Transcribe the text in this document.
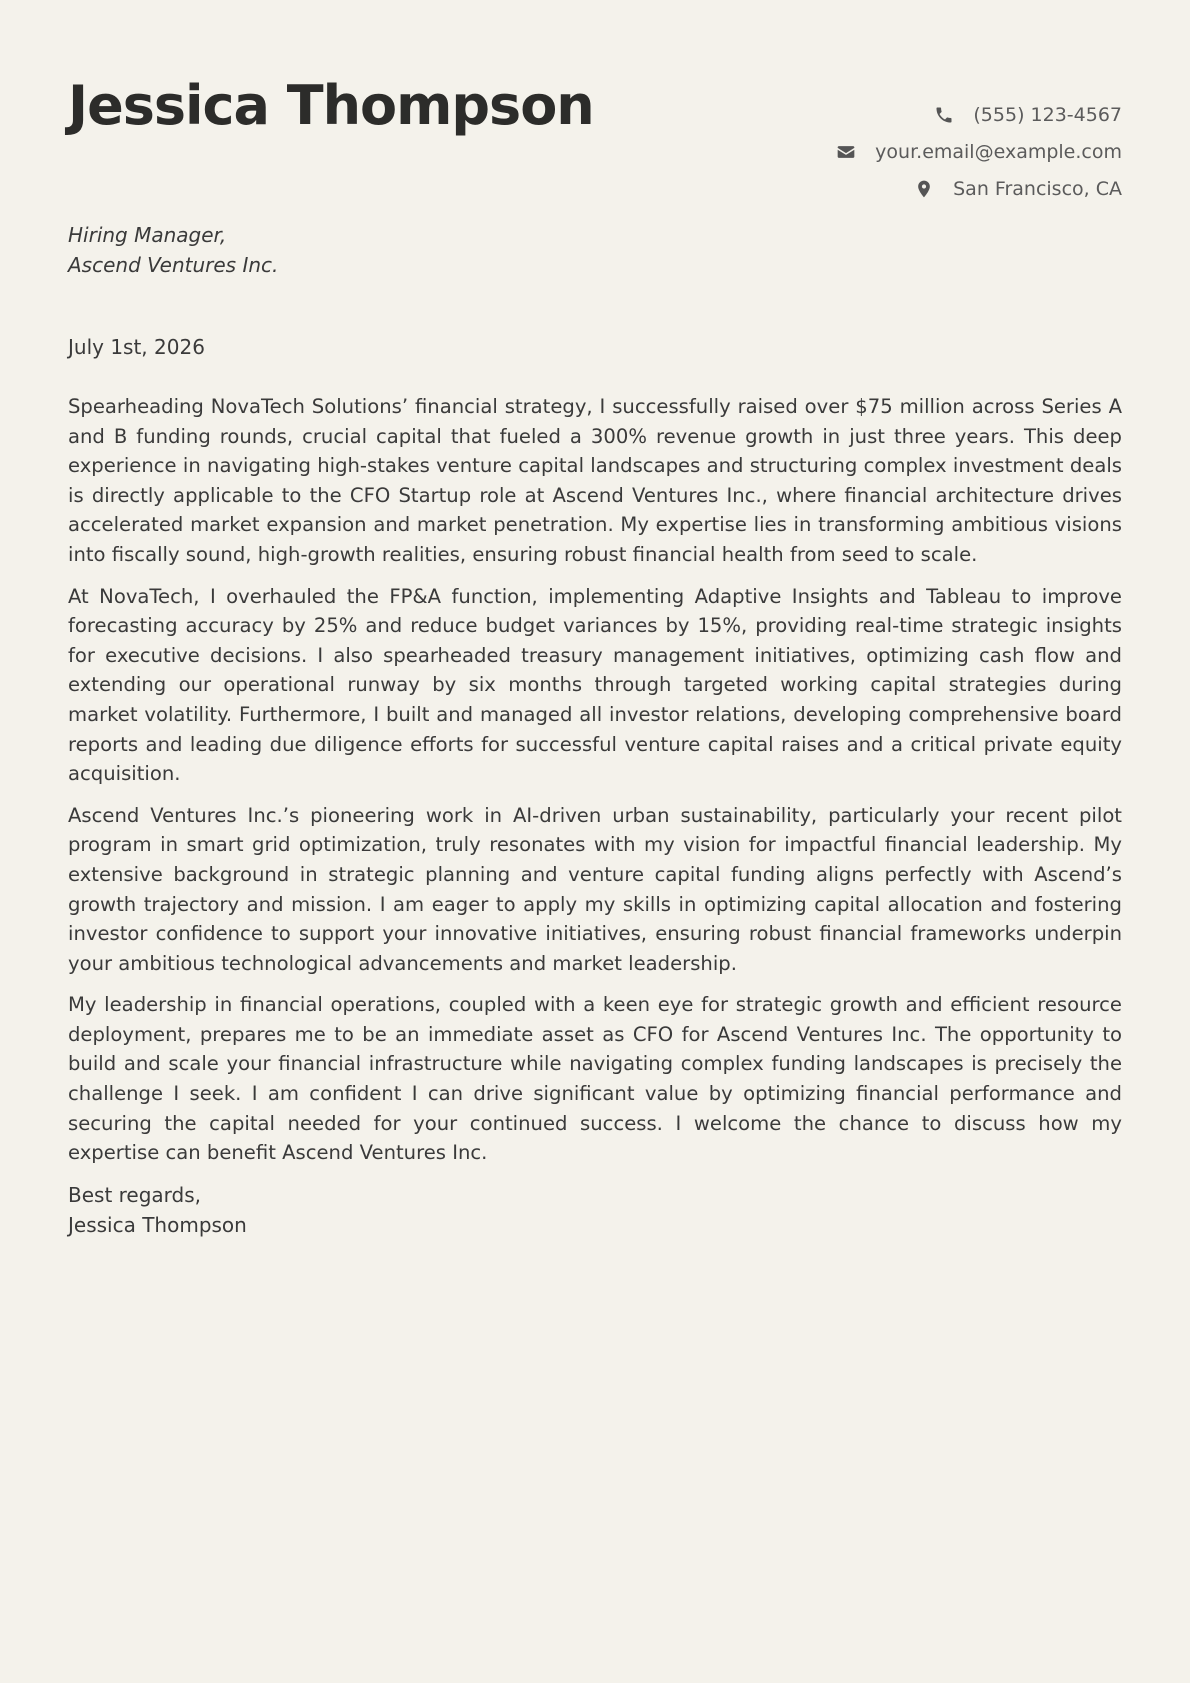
Jessica Thompson	(555) 123-4567
your.email@example.com
San Francisco, CA
Hiring Manager,
Ascend Ventures Inc.
July 1st, 2026

Spearheading NovaTech Solutions’ financial strategy, I successfully raised over $75 million across Series A and B funding rounds, crucial capital that fueled a 300% revenue growth in just three years. This deep experience in navigating high-stakes venture capital landscapes and structuring complex investment deals is directly applicable to the CFO Startup role at Ascend Ventures Inc., where financial architecture drives accelerated market expansion and market penetration. My expertise lies in transforming ambitious visions into fiscally sound, high-growth realities, ensuring robust financial health from seed to scale.

At NovaTech, I overhauled the FP&A function, implementing Adaptive Insights and Tableau to improve forecasting accuracy by 25% and reduce budget variances by 15%, providing real-time strategic insights for executive decisions. I also spearheaded treasury management initiatives, optimizing cash flow and extending our operational runway by six months through targeted working capital strategies during market volatility. Furthermore, I built and managed all investor relations, developing comprehensive board reports and leading due diligence efforts for successful venture capital raises and a critical private equity acquisition.

Ascend Ventures Inc.’s pioneering work in AI-driven urban sustainability, particularly your recent pilot program in smart grid optimization, truly resonates with my vision for impactful financial leadership. My extensive background in strategic planning and venture capital funding aligns perfectly with Ascend’s growth trajectory and mission. I am eager to apply my skills in optimizing capital allocation and fostering investor confidence to support your innovative initiatives, ensuring robust financial frameworks underpin your ambitious technological advancements and market leadership.

My leadership in financial operations, coupled with a keen eye for strategic growth and efficient resource deployment, prepares me to be an immediate asset as CFO for Ascend Ventures Inc. The opportunity to build and scale your financial infrastructure while navigating complex funding landscapes is precisely the challenge I seek. I am confident I can drive significant value by optimizing financial performance and securing the capital needed for your continued success. I welcome the chance to discuss how my expertise can benefit Ascend Ventures Inc.

Best regards,
Jessica Thompson
